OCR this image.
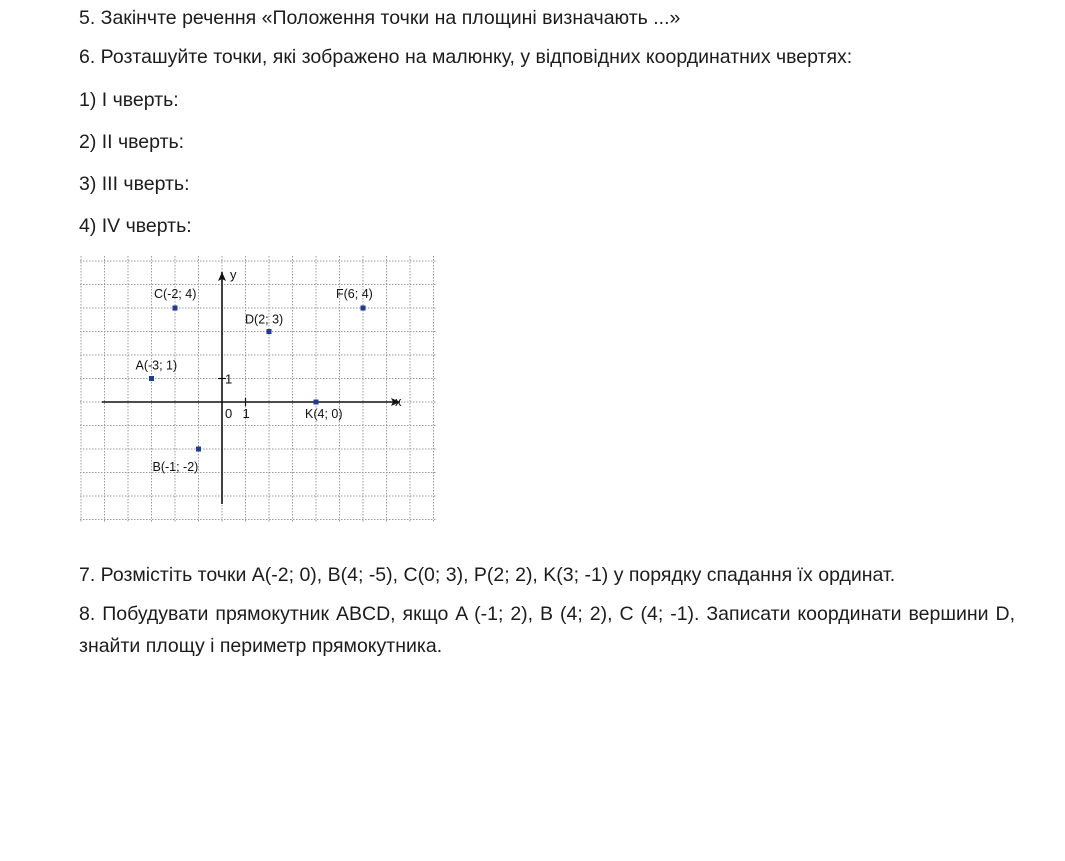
5. Закінчте речення «Положення точки на площині визначають ...»

6. Розташуйте точки, які зображено на малюнку, у відповідних координатних чвертях:

1) I чверть:

2) II чверть:

3) III чверть:

4) IV чверть:

x
y
0 1
1
C(-2; 4)
D(2; 3)
F(6; 4)
A(-3; 1)
K(4; 0)
B(-1; -2)

7. Розмістіть точки A(-2; 0), B(4; -5), C(0; 3), P(2; 2), K(3; -1) у порядку спадання їх ординат.

8. Побудувати прямокутник ABCD, якщо A (-1; 2), B (4; 2), C (4; -1). Записати координати вершини D, знайти площу і периметр прямокутника.
